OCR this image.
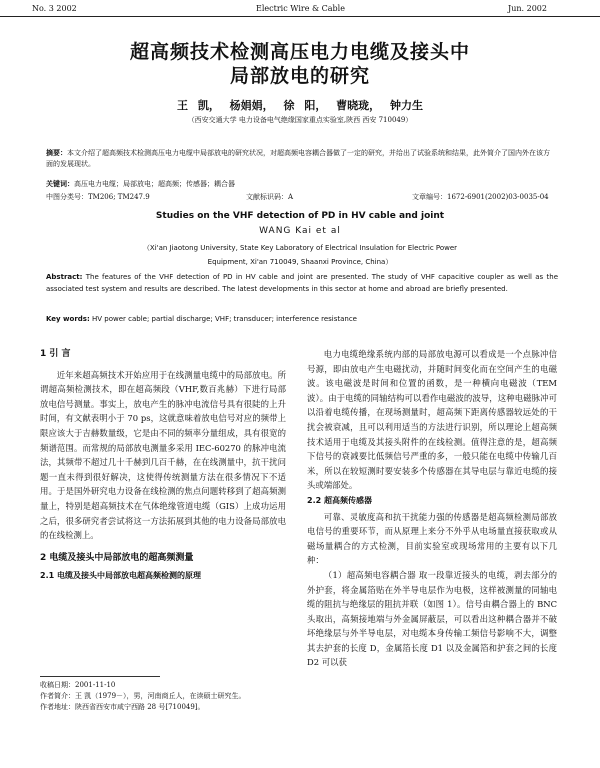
No. 3 2002	Electric Wire & Cable	Jun. 2002
超高频技术检测高压电力电缆及接头中
局部放电的研究
王 凯， 杨娟娟， 徐 阳， 曹晓珑， 钟力生
（西安交通大学 电力设备电气绝缘国家重点实验室,陕西 西安 710049）
摘要：本文介绍了超高频技术检测高压电力电缆中局部放电的研究状况，对超高频电容耦合器做了一定的研究，并给出了试验系统和结果，此外简介了国内外在该方面的发展现状。
关键词：高压电力电缆；局部放电；超高频；传感器；耦合器
中图分类号：TM206; TM247.9	文献标识码：A	文章编号：1672-6901(2002)03-0035-04
Studies on the VHF detection of PD in HV cable and joint
WANG Kai et al
（Xi'an Jiaotong University, State Key Laboratory of Electrical Insulation for Electric Power
Equipment, Xi'an 710049, Shaanxi Province, China）
Abstract: The features of the VHF detection of PD in HV cable and joint are presented. The study of VHF capacitive coupler as well as the associated test system and results are described. The latest developments in this sector at home and abroad are briefly presented.
Key words: HV power cable; partial discharge; VHF; transducer; interference resistance
1 引 言

近年来超高频技术开始应用于在线测量电缆中的局部放电。所谓超高频检测技术，即在超高频段（VHF,数百兆赫）下进行局部放电信号测量。事实上，放电产生的脉冲电流信号具有很陡的上升时间，有文献表明小于 70 ps，这就意味着放电信号对应的频带上限应该大于吉赫数量级，它是由不同的频率分量组成，具有很宽的频谱范围。而常规的局部放电测量多采用 IEC-60270 的脉冲电流法，其频带不超过几十千赫到几百千赫，在在线测量中，抗干扰问题一直未得到很好解决，这使得传统测量方法在很多情况下不适用。于是国外研究电力设备在线检测的焦点问题转移到了超高频测量上，特别是超高频技术在气体绝缘管道电缆（GIS）上成功运用之后，很多研究者尝试将这一方法拓展到其他的电力设备局部放电的在线检测上。

2 电缆及接头中局部放电的超高频测量
2.1 电缆及接头中局部放电超高频检测的原理
收稿日期：2001-11-10
作者简介：王 凯（1979－），男，河南商丘人，在读硕士研究生。
作者地址：陕西省西安市咸宁西路 28 号[710049]。

电力电缆绝缘系统内部的局部放电源可以看成是一个点脉冲信号源，即由放电产生电磁扰动，并随时间变化而在空间产生的电磁波。该电磁波是时间和位置的函数，是一种横向电磁波（TEM 波）。由于电缆的同轴结构可以看作电磁波的波导，这种电磁脉冲可以沿着电缆传播，在现场测量时，超高频下距离传感器较远处的干扰会被衰减，且可以利用适当的方法进行识别，所以理论上超高频技术适用于电缆及其接头附件的在线检测。值得注意的是，超高频下信号的衰减要比低频信号严重的多，一般只能在电缆中传输几百米，所以在较短测时要安装多个传感器在其导电层与靠近电缆的接头或端部处。

2.2 超高频传感器

可靠、灵敏度高和抗干扰能力强的传感器是超高频检测局部放电信号的重要环节，而从原理上来分不外乎从电场量直接获取或从磁场量耦合的方式检测，目前实验室或现场常用的主要有以下几种：

（1）超高频电容耦合器 取一段靠近接头的电缆，剥去部分的外护套，将金属箔贴在外半导电层作为电极，这样被测量的同轴电缆的阻抗与绝缘层的阻抗并联（如图 1）。信号由耦合器上的 BNC 头取出，高频接地端与外金属屏蔽层，可以看出这种耦合器并不破坏绝缘层与外半导电层，对电缆本身传输工频信号影响不大，调整其去护套的长度 D，金属箔长度 D1 以及金属箔和护套之间的长度 D2 可以获
